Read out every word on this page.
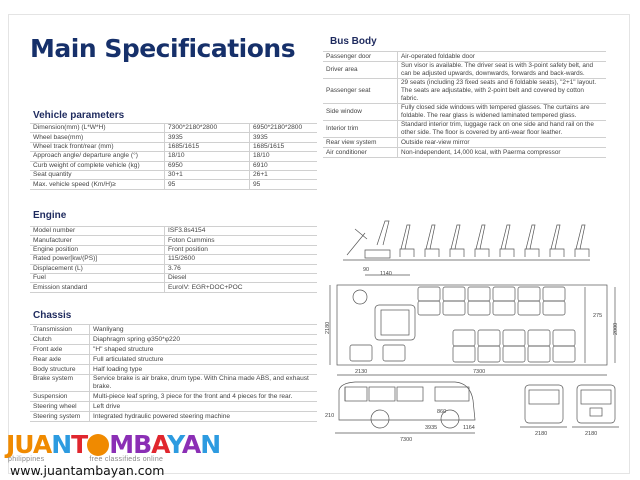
Main Specifications
Vehicle parameters
Dimension(mm) (L*W*H)	7300*2180*2800	6950*2180*2800
Wheel base(mm)	3935	3935
Wheel track front/rear (mm)	1685/1615	1685/1615
Approach angle/ departure angle (°)	18/10	18/10
Curb weight of complete vehicle (kg)	6950	6910
Seat quantity	30+1	26+1
Max. vehicle speed (Km/H)≥	95	95
Engine
Model number	ISF3.8s4154
Manufacturer	Foton Cummins
Engine position	Front position
Rated power[kw/(PS)]	115/2600
Displacement (L)	3.76
Fuel	Diesel
Emission standard	EuroIV: EGR+DOC+POC
Chassis
Transmission	Wanliyang
Clutch	Diaphragm spring φ350*φ220
Front axle	"H" shaped structure
Rear axle	Full articulated structure
Body structure	Half loading type
Brake system	Service brake is air brake, drum type. With China made ABS, and exhaust brake.
Suspension	Multi-piece leaf spring, 3 piece for the front and 4 pieces for the rear.
Steering wheel	Left drive
Steering system	Integrated hydraulic powered steering machine
Bus Body
Passenger door	Air-operated foldable door
Driver area	Sun visor is available. The driver seat is with 3-point safety belt, and can be adjusted upwards, downwards, forwards and back-wards.
Passenger seat	29 seats (including 23 fixed seats and 6 foldable seats), "2+1" layout. The seats are adjustable, with 2-point belt and covered by cotton fabric.
Side window	Fully closed side windows with tempered glasses. The curtains are foldable. The rear glass is widened laminated tempered glass.
Interior trim	Standard interior trim, luggage rack on one side and hand rail on the other side. The floor is covered by anti-wear floor leather.
Rear view system	Outside rear-view mirror
Air conditioner	Non-independent, 14,000 kcal, with Paerma compressor
90
1140
2180	2000
275
2130	7300
860
3935	1164
7300
210
2180	2180
JUANT MBAYAN
philippines	free classifieds online
www.juantambayan.com
